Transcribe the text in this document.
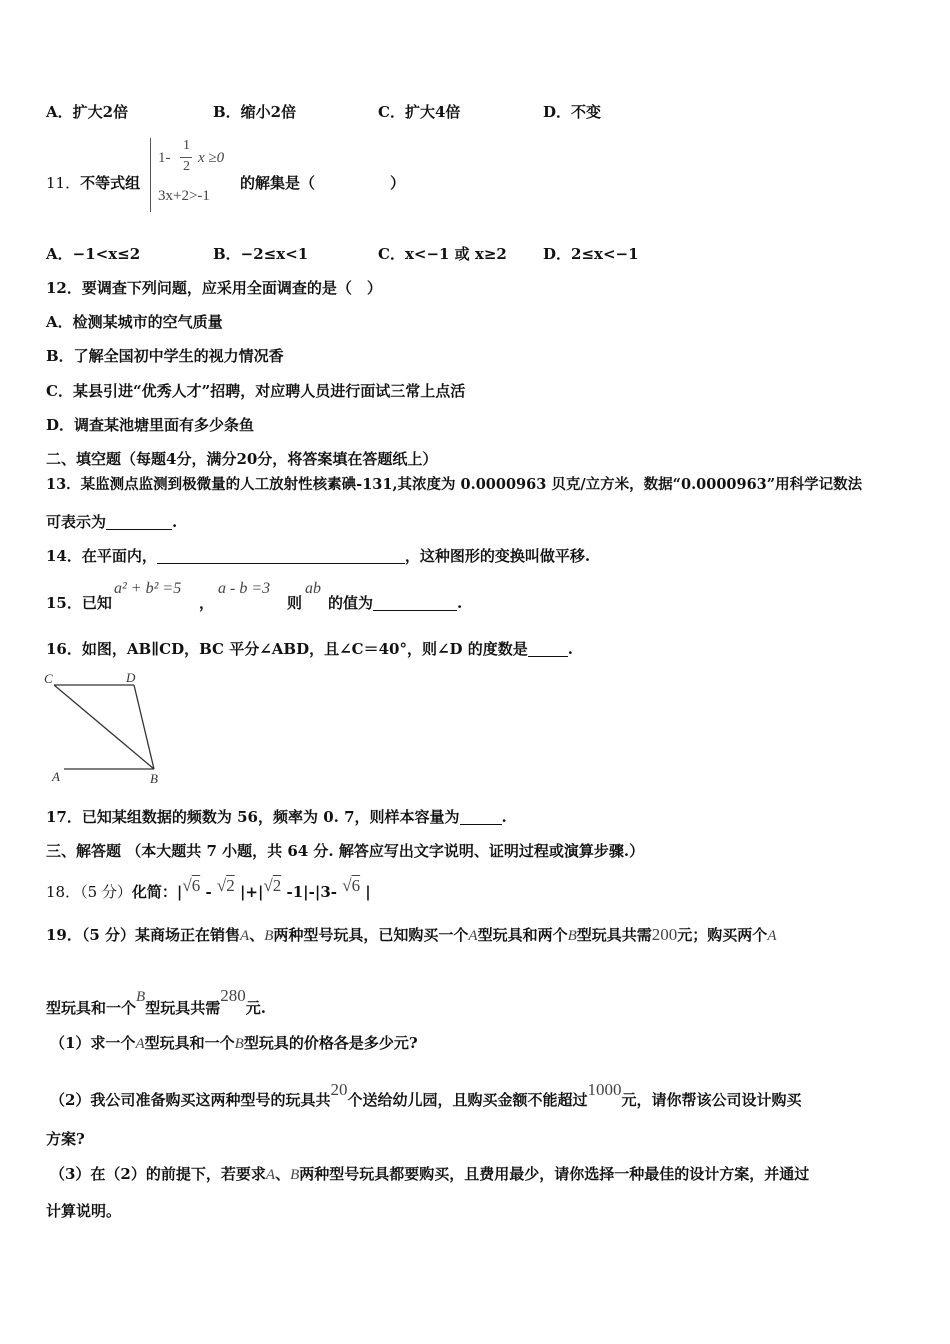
A．扩大2倍	B．缩小2倍	C．扩大4倍	D．不变
11．不等式组
1-
1
2
x ≥0
3x+2>-1
的解集是（　　　　　）
A．−1<x≤2	B．−2≤x<1	C．x<−1 或 x≥2 D．2≤x<−1
12．要调查下列问题，应采用全面调查的是（　）
A．检测某城市的空气质量
B．了解全国初中学生的视力情况香
C．某县引进“优秀人才”招聘，对应聘人员进行面试三常上点活
D．调查某池塘里面有多少条鱼
二、填空题（每题4分，满分20分，将答案填在答题纸上）
13．某监测点监测到极微量的人工放射性核素碘-131,其浓度为 0.0000963 贝克/立方米，数据“0.0000963”用科学记数法
可表示为	.
14．在平面内，	，这种图形的变换叫做平移.
15．已知
a² + b² =5
，
a - b =3
则
ab
的值为	.
16．如图，AB∥CD，BC 平分∠ABD，且∠C＝40°，则∠D 的度数是	.
C	D
A	B
17．已知某组数据的频数为 56，频率为 0. 7，则样本容量为	.
三、解答题 （本大题共 7 小题，共 64 分. 解答应写出文字说明、证明过程或演算步骤.）
18．（5 分）化简：|√6 - √2 |+|√2 -1|-|3- √6 |
19．（5 分）某商场正在销售A、B两种型号玩具，已知购买一个A型玩具和两个B型玩具共需200元；购买两个A
型玩具和一个B型玩具共需280元.
（1）求一个A型玩具和一个B型玩具的价格各是多少元?
（2）我公司准备购买这两种型号的玩具共20个送给幼儿园，且购买金额不能超过1000元，请你帮该公司设计购买
方案?
（3）在（2）的前提下，若要求A、B两种型号玩具都要购买，且费用最少，请你选择一种最佳的设计方案，并通过
计算说明。
